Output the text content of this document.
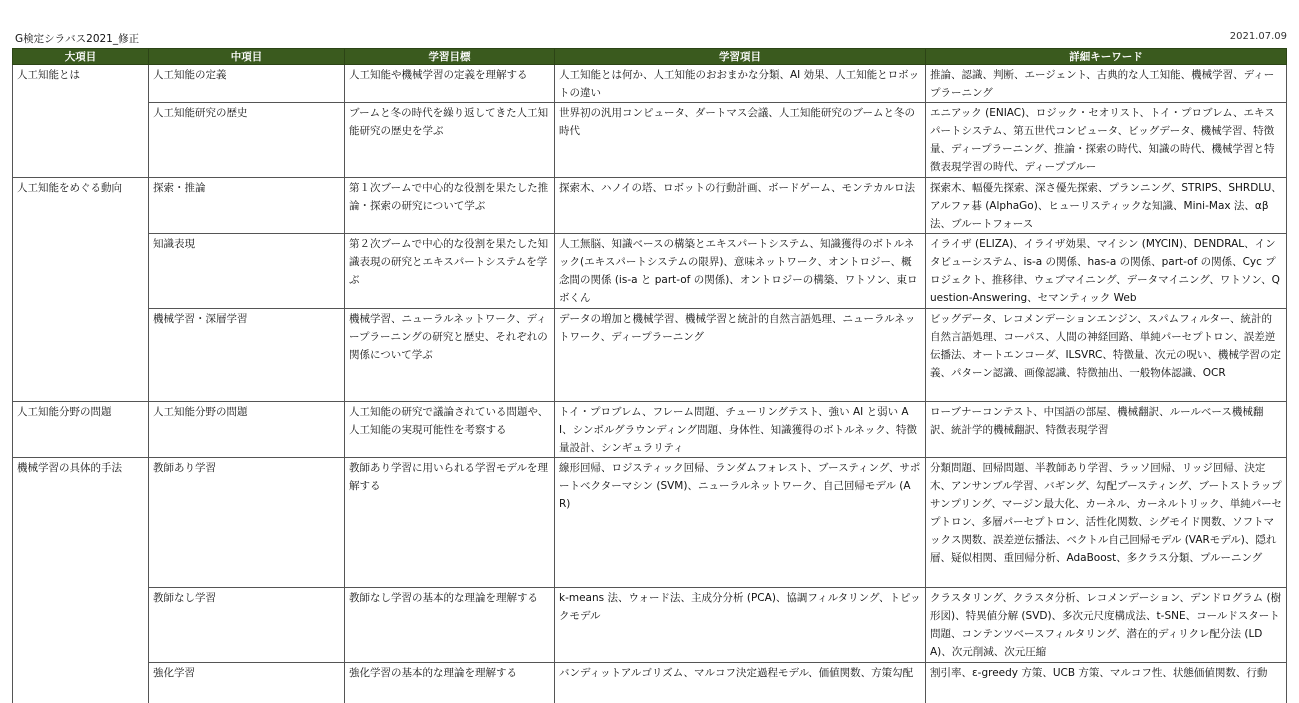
G検定シラバス2021_修正	2021.07.09
大項目	中項目	学習目標	学習項目	詳細キーワード
人工知能とは	人工知能の定義	人工知能や機械学習の定義を理解する	人工知能とは何か、人工知能のおおまかな分類、AI 効果、人工知能とロボットの違い	推論、認識、判断、エージェント、古典的な人工知能、機械学習、ディープラーニング
	人工知能研究の歴史	ブームと冬の時代を繰り返してきた人工知能研究の歴史を学ぶ	世界初の汎用コンピュータ、ダートマス会議、人工知能研究のブームと冬の時代	エニアック (ENIAC)、ロジック・セオリスト、トイ・プロブレム、エキスパートシステム、第五世代コンピュータ、ビッグデータ、機械学習、特徴量、ディープラーニング、推論・探索の時代、知識の時代、機械学習と特徴表現学習の時代、ディープブルー
人工知能をめぐる動向	探索・推論	第１次ブームで中心的な役割を果たした推論・探索の研究について学ぶ	探索木、ハノイの塔、ロボットの行動計画、ボードゲーム、モンテカルロ法	探索木、幅優先探索、深さ優先探索、プランニング、STRIPS、SHRDLU、アルファ碁 (AlphaGo)、ヒューリスティックな知識、Mini-Max 法、αβ 法、ブルートフォース
	知識表現	第２次ブームで中心的な役割を果たした知識表現の研究とエキスパートシステムを学ぶ	人工無脳、知識ベースの構築とエキスパートシステム、知識獲得のボトルネック(エキスパートシステムの限界)、意味ネットワーク、オントロジー、概念間の関係 (is-a と part-of の関係)、オントロジーの構築、ワトソン、東ロボくん	イライザ (ELIZA)、イライザ効果、マイシン (MYCIN)、DENDRAL、インタビューシステム、is-a の関係、has-a の関係、part-of の関係、Cyc プロジェクト、推移律、ウェブマイニング、データマイニング、ワトソン、Question-Answering、セマンティック Web
	機械学習・深層学習	機械学習、ニューラルネットワーク、ディープラーニングの研究と歴史、それぞれの関係について学ぶ	データの増加と機械学習、機械学習と統計的自然言語処理、ニューラルネットワーク、ディープラーニング	ビッグデータ、レコメンデーションエンジン、スパムフィルター、統計的自然言語処理、コーパス、人間の神経回路、単純パーセプトロン、誤差逆伝播法、オートエンコーダ、ILSVRC、特徴量、次元の呪い、機械学習の定義、パターン認識、画像認識、特徴抽出、一般物体認識、OCR
人工知能分野の問題	人工知能分野の問題	人工知能の研究で議論されている問題や、人工知能の実現可能性を考察する	トイ・プロブレム、フレーム問題、チューリングテスト、強い AI と弱い AI、シンボルグラウンディング問題、身体性、知識獲得のボトルネック、特徴量設計、シンギュラリティ	ローブナーコンテスト、中国語の部屋、機械翻訳、ルールベース機械翻訳、統計学的機械翻訳、特徴表現学習
機械学習の具体的手法	教師あり学習	教師あり学習に用いられる学習モデルを理解する	線形回帰、ロジスティック回帰、ランダムフォレスト、ブースティング、サポートベクターマシン (SVM)、ニューラルネットワーク、自己回帰モデル (AR)	分類問題、回帰問題、半教師あり学習、ラッソ回帰、リッジ回帰、決定木、アンサンブル学習、バギング、勾配ブースティング、ブートストラップサンプリング、マージン最大化、カーネル、カーネルトリック、単純パーセプトロン、多層パーセプトロン、活性化関数、シグモイド関数、ソフトマックス関数、誤差逆伝播法、ベクトル自己回帰モデル (VARモデル)、隠れ層、疑似相関、重回帰分析、AdaBoost、多クラス分類、プルーニング
	教師なし学習	教師なし学習の基本的な理論を理解する	k-means 法、ウォード法、主成分分析 (PCA)、協調フィルタリング、トピックモデル	クラスタリング、クラスタ分析、レコメンデーション、デンドログラム (樹形図)、特異値分解 (SVD)、多次元尺度構成法、t-SNE、コールドスタート問題、コンテンツベースフィルタリング、潜在的ディリクレ配分法 (LDA)、次元削減、次元圧縮
	強化学習	強化学習の基本的な理論を理解する	バンディットアルゴリズム、マルコフ決定過程モデル、価値関数、方策勾配	割引率、ε-greedy 方策、UCB 方策、マルコフ性、状態価値関数、行動
